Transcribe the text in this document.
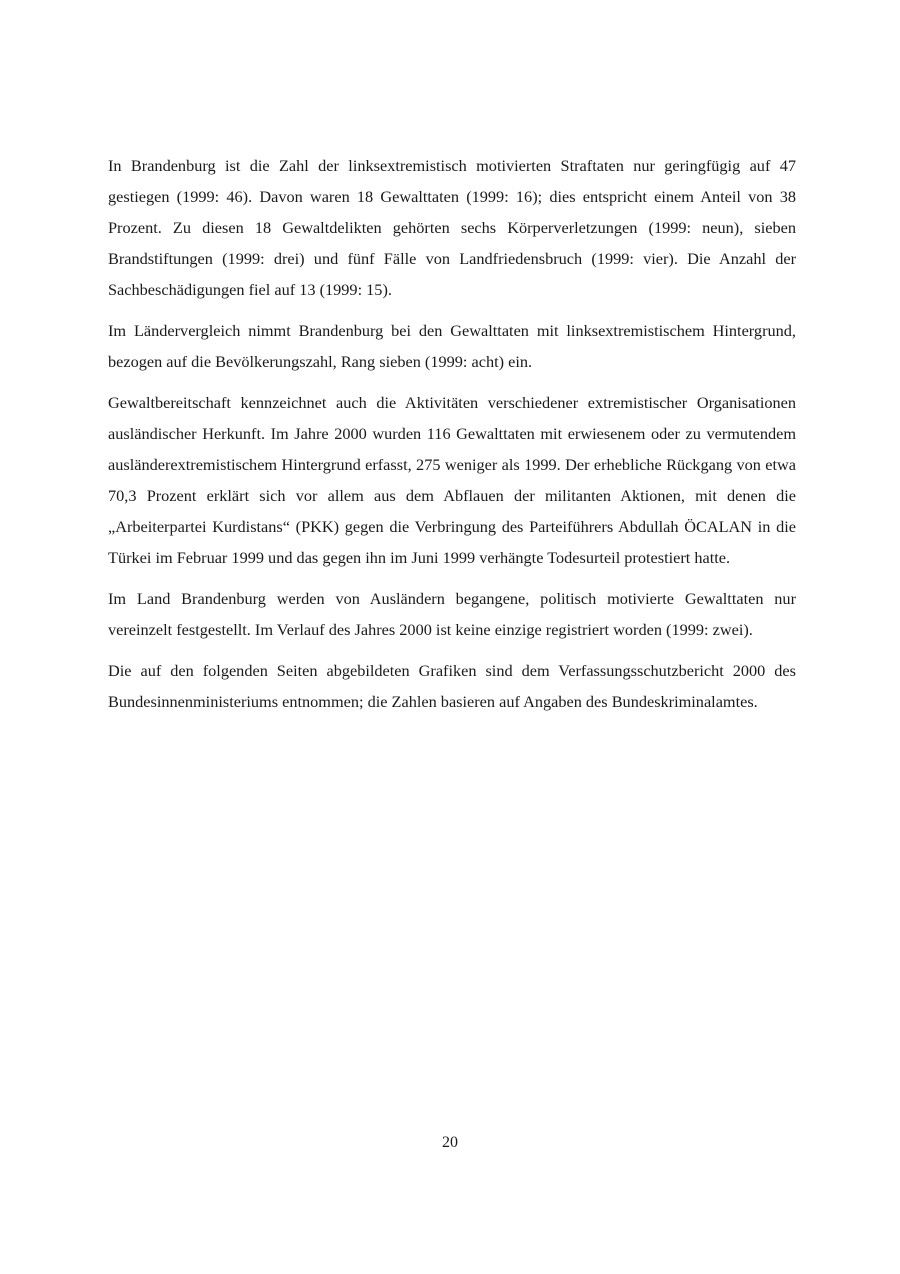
In Brandenburg ist die Zahl der linksextremistisch motivierten Straftaten nur geringfügig auf 47 gestiegen (1999: 46). Davon waren 18 Gewalttaten (1999: 16); dies entspricht einem Anteil von 38 Prozent. Zu diesen 18 Gewaltdelikten gehörten sechs Körperverletzungen (1999: neun), sieben Brandstiftungen (1999: drei) und fünf Fälle von Landfriedensbruch (1999: vier). Die Anzahl der Sachbeschädigungen fiel auf 13 (1999: 15).

Im Ländervergleich nimmt Brandenburg bei den Gewalttaten mit linksextremistischem Hintergrund, bezogen auf die Bevölkerungszahl, Rang sieben (1999: acht) ein.

Gewaltbereitschaft kennzeichnet auch die Aktivitäten verschiedener extremistischer Organisationen ausländischer Herkunft. Im Jahre 2000 wurden 116 Gewalttaten mit erwiesenem oder zu vermutendem ausländerextremistischem Hintergrund erfasst, 275 weniger als 1999. Der erhebliche Rückgang von etwa 70,3 Prozent erklärt sich vor allem aus dem Abflauen der militanten Aktionen, mit denen die „Arbeiterpartei Kurdistans“ (PKK) gegen die Verbringung des Parteiführers Abdullah ÖCALAN in die Türkei im Februar 1999 und das gegen ihn im Juni 1999 verhängte Todesurteil protestiert hatte.

Im Land Brandenburg werden von Ausländern begangene, politisch motivierte Gewalttaten nur vereinzelt festgestellt. Im Verlauf des Jahres 2000 ist keine einzige registriert worden (1999: zwei).

Die auf den folgenden Seiten abgebildeten Grafiken sind dem Verfassungsschutzbericht 2000 des Bundesinnenministeriums entnommen; die Zahlen basieren auf Angaben des Bundeskriminalamtes.

20
